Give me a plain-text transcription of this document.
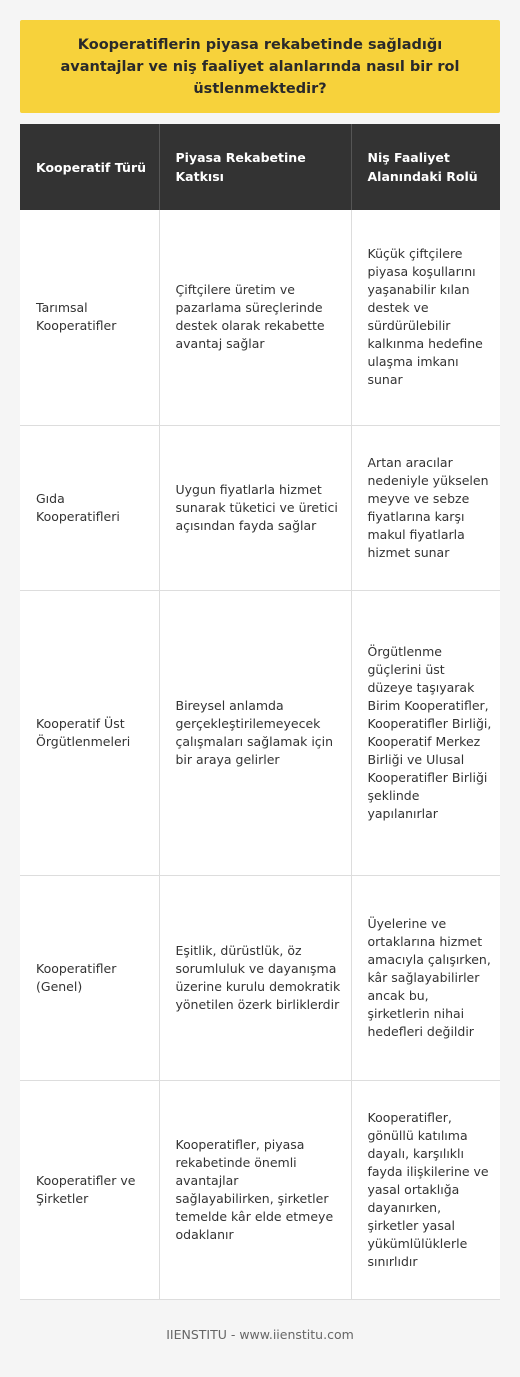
Kooperatiflerin piyasa rekabetinde sağladığı avantajlar ve niş faaliyet alanlarında nasıl bir rol üstlenmektedir?
Kooperatif Türü	Piyasa Rekabetine Katkısı	Niş Faaliyet Alanındaki Rolü
Tarımsal Kooperatifler	Çiftçilere üretim ve pazarlama süreçlerinde destek olarak rekabette avantaj sağlar	Küçük çiftçilere piyasa koşullarını yaşanabilir kılan destek ve sürdürülebilir kalkınma hedefine ulaşma imkanı sunar
Gıda Kooperatifleri	Uygun fiyatlarla hizmet sunarak tüketici ve üretici açısından fayda sağlar	Artan aracılar nedeniyle yükselen meyve ve sebze fiyatlarına karşı makul fiyatlarla hizmet sunar
Kooperatif Üst Örgütlenmeleri	Bireysel anlamda gerçekleştirilemeyecek çalışmaları sağlamak için bir araya gelirler	Örgütlenme güçlerini üst düzeye taşıyarak Birim Kooperatifler, Kooperatifler Birliği, Kooperatif Merkez Birliği ve Ulusal Kooperatifler Birliği şeklinde yapılanırlar
Kooperatifler (Genel)	Eşitlik, dürüstlük, öz sorumluluk ve dayanışma üzerine kurulu demokratik yönetilen özerk birliklerdir	Üyelerine ve ortaklarına hizmet amacıyla çalışırken, kâr sağlayabilirler ancak bu, şirketlerin nihai hedefleri değildir
Kooperatifler ve Şirketler	Kooperatifler, piyasa rekabetinde önemli avantajlar sağlayabilirken, şirketler temelde kâr elde etmeye odaklanır	Kooperatifler, gönüllü katılıma dayalı, karşılıklı fayda ilişkilerine ve yasal ortaklığa dayanırken, şirketler yasal yükümlülüklerle sınırlıdır
IIENSTITU - www.iienstitu.com
